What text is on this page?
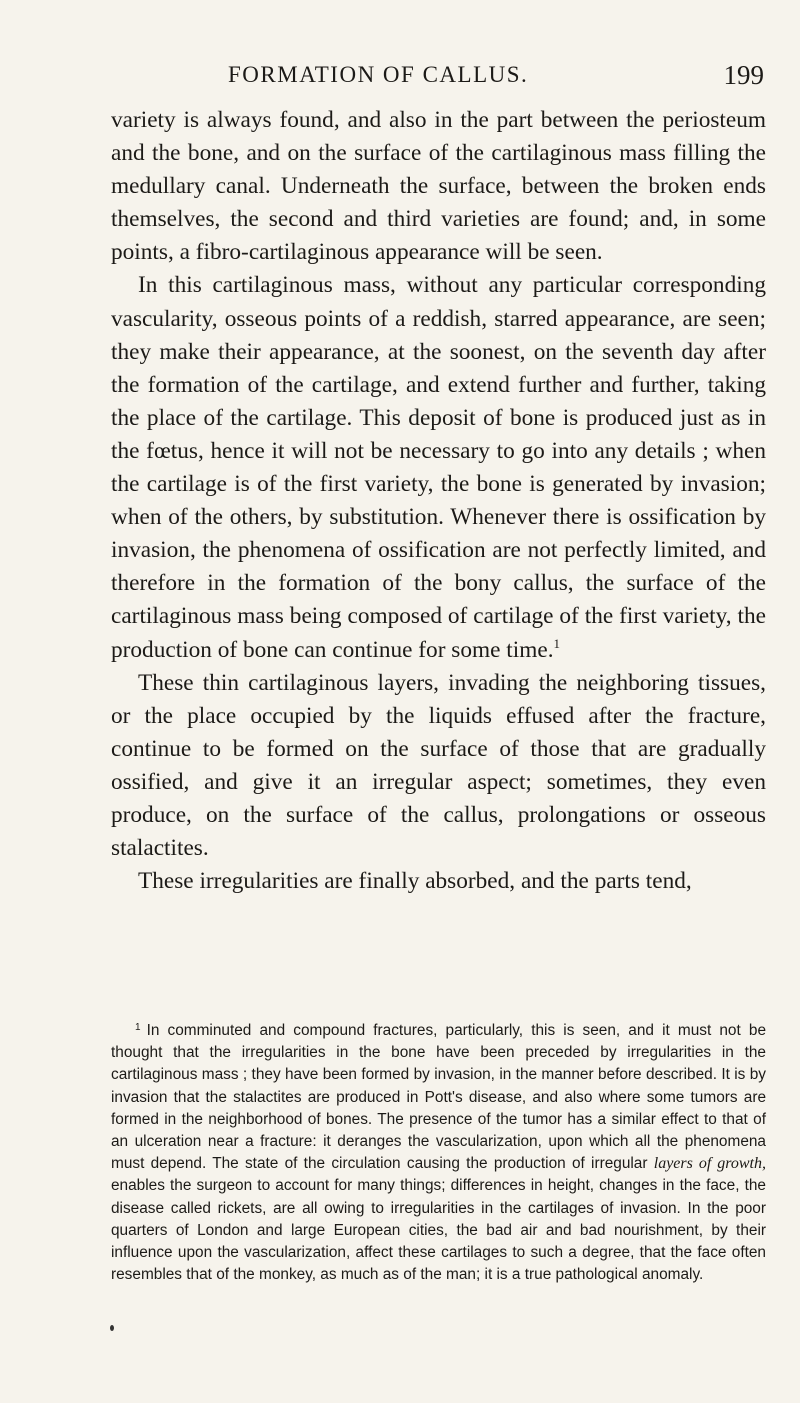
FORMATION OF CALLUS.	199

variety is always found, and also in the part between the periosteum and the bone, and on the surface of the cartilaginous mass filling the medullary canal. Underneath the surface, between the broken ends themselves, the second and third varieties are found; and, in some points, a fibro-cartilaginous appearance will be seen.

In this cartilaginous mass, without any particular corresponding vascularity, osseous points of a reddish, starred appearance, are seen; they make their appearance, at the soonest, on the seventh day after the formation of the cartilage, and extend further and further, taking the place of the cartilage. This deposit of bone is produced just as in the fœtus, hence it will not be necessary to go into any details ; when the cartilage is of the first variety, the bone is generated by invasion; when of the others, by substitution. Whenever there is ossification by invasion, the phenomena of ossification are not perfectly limited, and therefore in the formation of the bony callus, the surface of the cartilaginous mass being composed of cartilage of the first variety, the production of bone can continue for some time.$^1$

These thin cartilaginous layers, invading the neighboring tissues, or the place occupied by the liquids effused after the fracture, continue to be formed on the surface of those that are gradually ossified, and give it an irregular aspect; sometimes, they even produce, on the surface of the callus, prolongations or osseous stalactites.

These irregularities are finally absorbed, and the parts tend,

$^1$ In comminuted and compound fractures, particularly, this is seen, and it must not be thought that the irregularities in the bone have been preceded by irregularities in the cartilaginous mass ; they have been formed by invasion, in the manner before described. It is by invasion that the stalactites are produced in Pott's disease, and also where some tumors are formed in the neighborhood of bones. The presence of the tumor has a similar effect to that of an ulceration near a fracture: it deranges the vascularization, upon which all the phenomena must depend. The state of the circulation causing the production of irregular layers of growth, enables the surgeon to account for many things; differences in height, changes in the face, the disease called rickets, are all owing to irregularities in the cartilages of invasion. In the poor quarters of London and large European cities, the bad air and bad nourishment, by their influence upon the vascularization, affect these cartilages to such a degree, that the face often resembles that of the monkey, as much as of the man; it is a true pathological anomaly.
